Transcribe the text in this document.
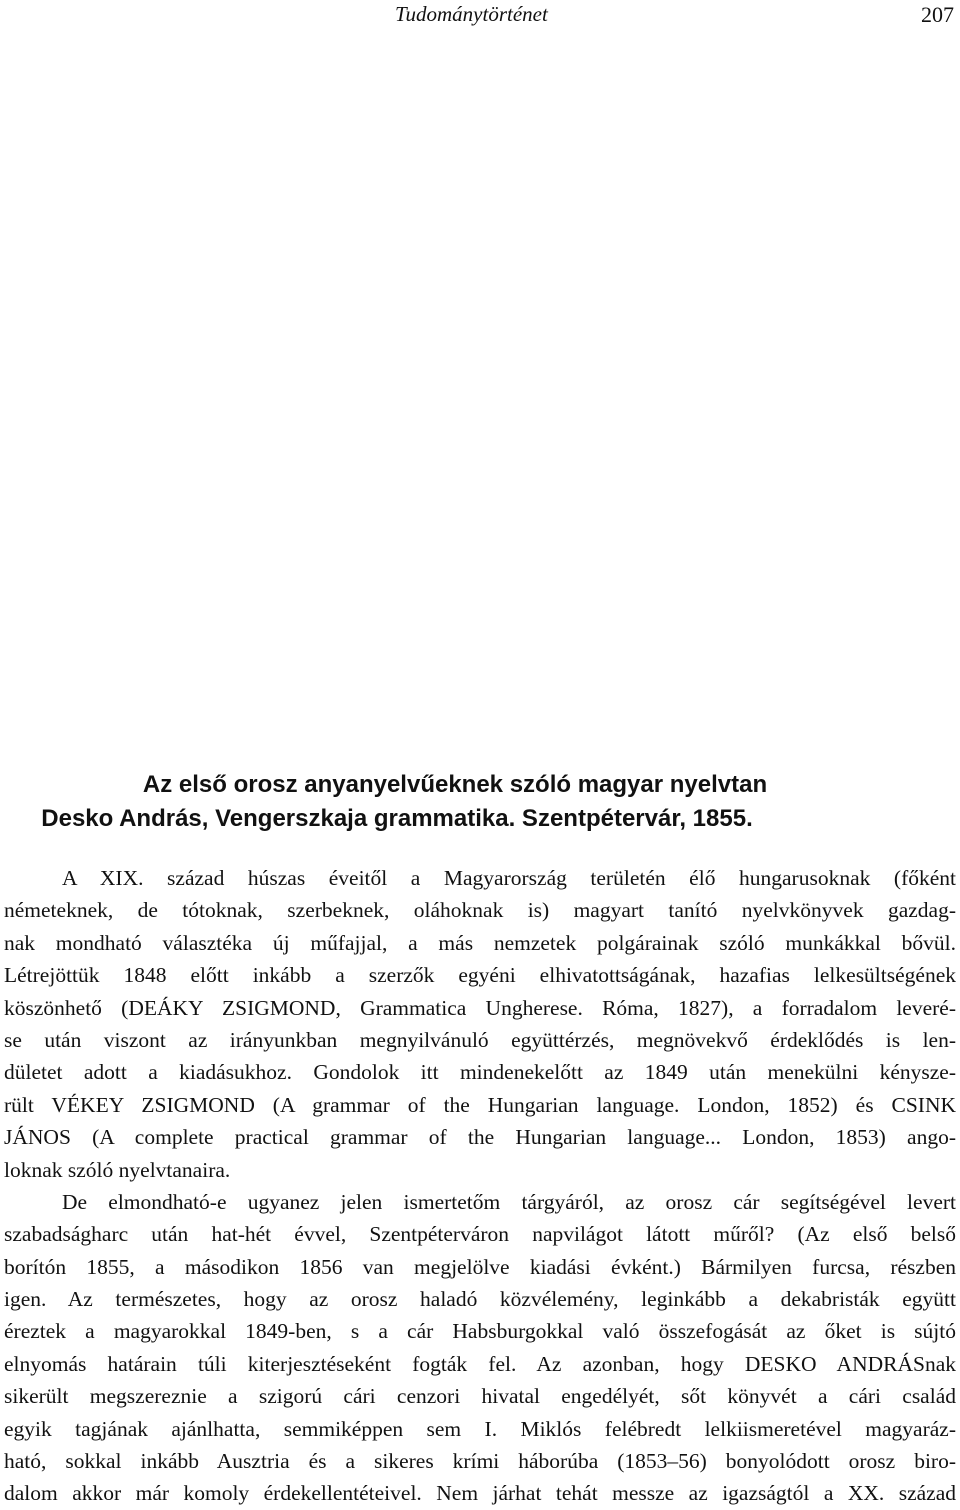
Tudománytörténet	207
Az első orosz anyanyelvűeknek szóló magyar nyelvtan
Desko András, Vengerszkaja grammatika. Szentpétervár, 1855.
A XIX. század húszas éveitől a Magyarország területén élő hungarusoknak (főként
németeknek, de tótoknak, szerbeknek, oláhoknak is) magyart tanító nyelvkönyvek gazdag-
nak mondható választéka új műfajjal, a más nemzetek polgárainak szóló munkákkal bővül.
Létrejöttük 1848 előtt inkább a szerzők egyéni elhivatottságának, hazafias lelkesültségének
köszönhető (DEÁKY ZSIGMOND, Grammatica Ungherese. Róma, 1827), a forradalom leveré-
se után viszont az irányunkban megnyilvánuló együttérzés, megnövekvő érdeklődés is len-
dületet adott a kiadásukhoz. Gondolok itt mindenekelőtt az 1849 után menekülni kénysze-
rült VÉKEY ZSIGMOND (A grammar of the Hungarian language. London, 1852) és CSINK
JÁNOS (A complete practical grammar of the Hungarian language... London, 1853) ango-
loknak szóló nyelvtanaira.
De elmondható-e ugyanez jelen ismertetőm tárgyáról, az orosz cár segítségével levert
szabadságharc után hat-hét évvel, Szentpéterváron napvilágot látott műről? (Az első belső
borítón 1855, a másodikon 1856 van megjelölve kiadási évként.) Bármilyen furcsa, részben
igen. Az természetes, hogy az orosz haladó közvélemény, leginkább a dekabristák együtt
éreztek a magyarokkal 1849-ben, s a cár Habsburgokkal való összefogását az őket is sújtó
elnyomás határain túli kiterjesztéseként fogták fel. Az azonban, hogy DESKO ANDRÁSnak
sikerült megszereznie a szigorú cári cenzori hivatal engedélyét, sőt könyvét a cári család
egyik tagjának ajánlhatta, semmiképpen sem I. Miklós felébredt lelkiismeretével magyaráz-
ható, sokkal inkább Ausztria és a sikeres krími háborúba (1853–56) bonyolódott orosz biro-
dalom akkor már komoly érdekellentéteivel. Nem járhat tehát messze az igazságtól a XX. század
